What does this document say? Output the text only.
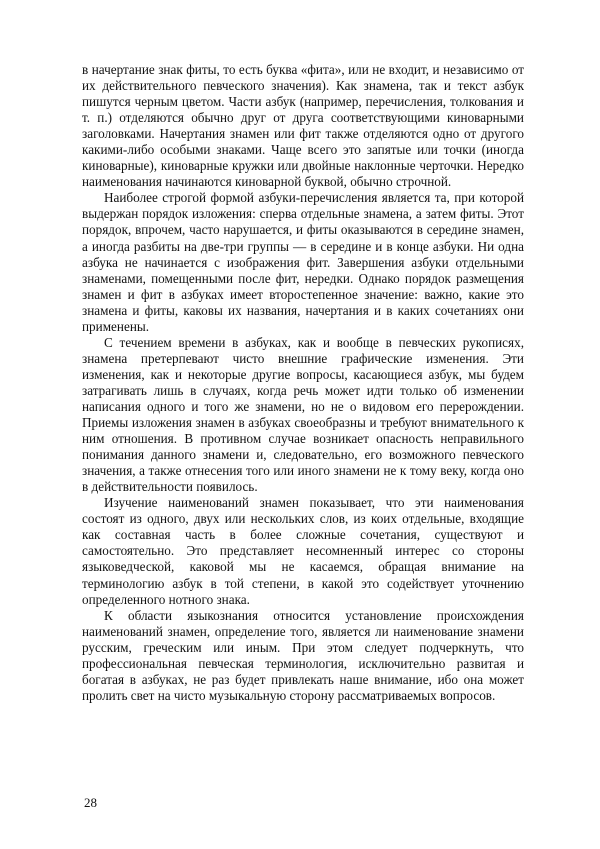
в начертание знак фиты, то есть буква «фита», или не входит, и независимо от их действительного певческого значения). Как знамена, так и текст азбук пишутся черным цветом. Части азбук (например, перечисления, толкования и т. п.) отделяются обычно друг от друга соответствующими киноварными заголовками. Начертания знамен или фит также отделяются одно от другого какими-либо особыми знаками. Чаще всего это запятые или точки (иногда киноварные), киноварные кружки или двойные наклонные черточки. Нередко наименования начинаются киноварной буквой, обычно строчной.

Наиболее строгой формой азбуки-перечисления является та, при которой выдержан порядок изложения: сперва отдельные знамена, а затем фиты. Этот порядок, впрочем, часто нарушается, и фиты оказываются в середине знамен, а иногда разбиты на две-три группы — в середине и в конце азбуки. Ни одна азбука не начинается с изображения фит. Завершения азбуки отдельными знаменами, помещенными после фит, нередки. Однако порядок размещения знамен и фит в азбуках имеет второстепенное значение: важно, какие это знамена и фиты, каковы их названия, начертания и в каких сочетаниях они применены.

С течением времени в азбуках, как и вообще в певческих рукописях, знамена претерпевают чисто внешние графические изменения. Эти изменения, как и некоторые другие вопросы, касающиеся азбук, мы будем затрагивать лишь в случаях, когда речь может идти только об изменении написания одного и того же знамени, но не о видовом его перерождении. Приемы изложения знамен в азбуках своеобразны и требуют внимательного к ним отношения. В противном случае возникает опасность неправильного понимания данного знамени и, следовательно, его возможного певческого значения, а также отнесения того или иного знамени не к тому веку, когда оно в действительности появилось.

Изучение наименований знамен показывает, что эти наименования состоят из одного, двух или нескольких слов, из коих отдельные, входящие как составная часть в более сложные сочетания, существуют и самостоятельно. Это представляет несомненный интерес со стороны языковедческой, каковой мы не касаемся, обращая внимание на терминологию азбук в той степени, в какой это содействует уточнению определенного нотного знака.

К области языкознания относится установление происхождения наименований знамен, определение того, является ли наименование знамени русским, греческим или иным. При этом следует подчеркнуть, что профессиональная певческая терминология, исключительно развитая и богатая в азбуках, не раз будет привлекать наше внимание, ибо она может пролить свет на чисто музыкальную сторону рассматриваемых вопросов.

28
